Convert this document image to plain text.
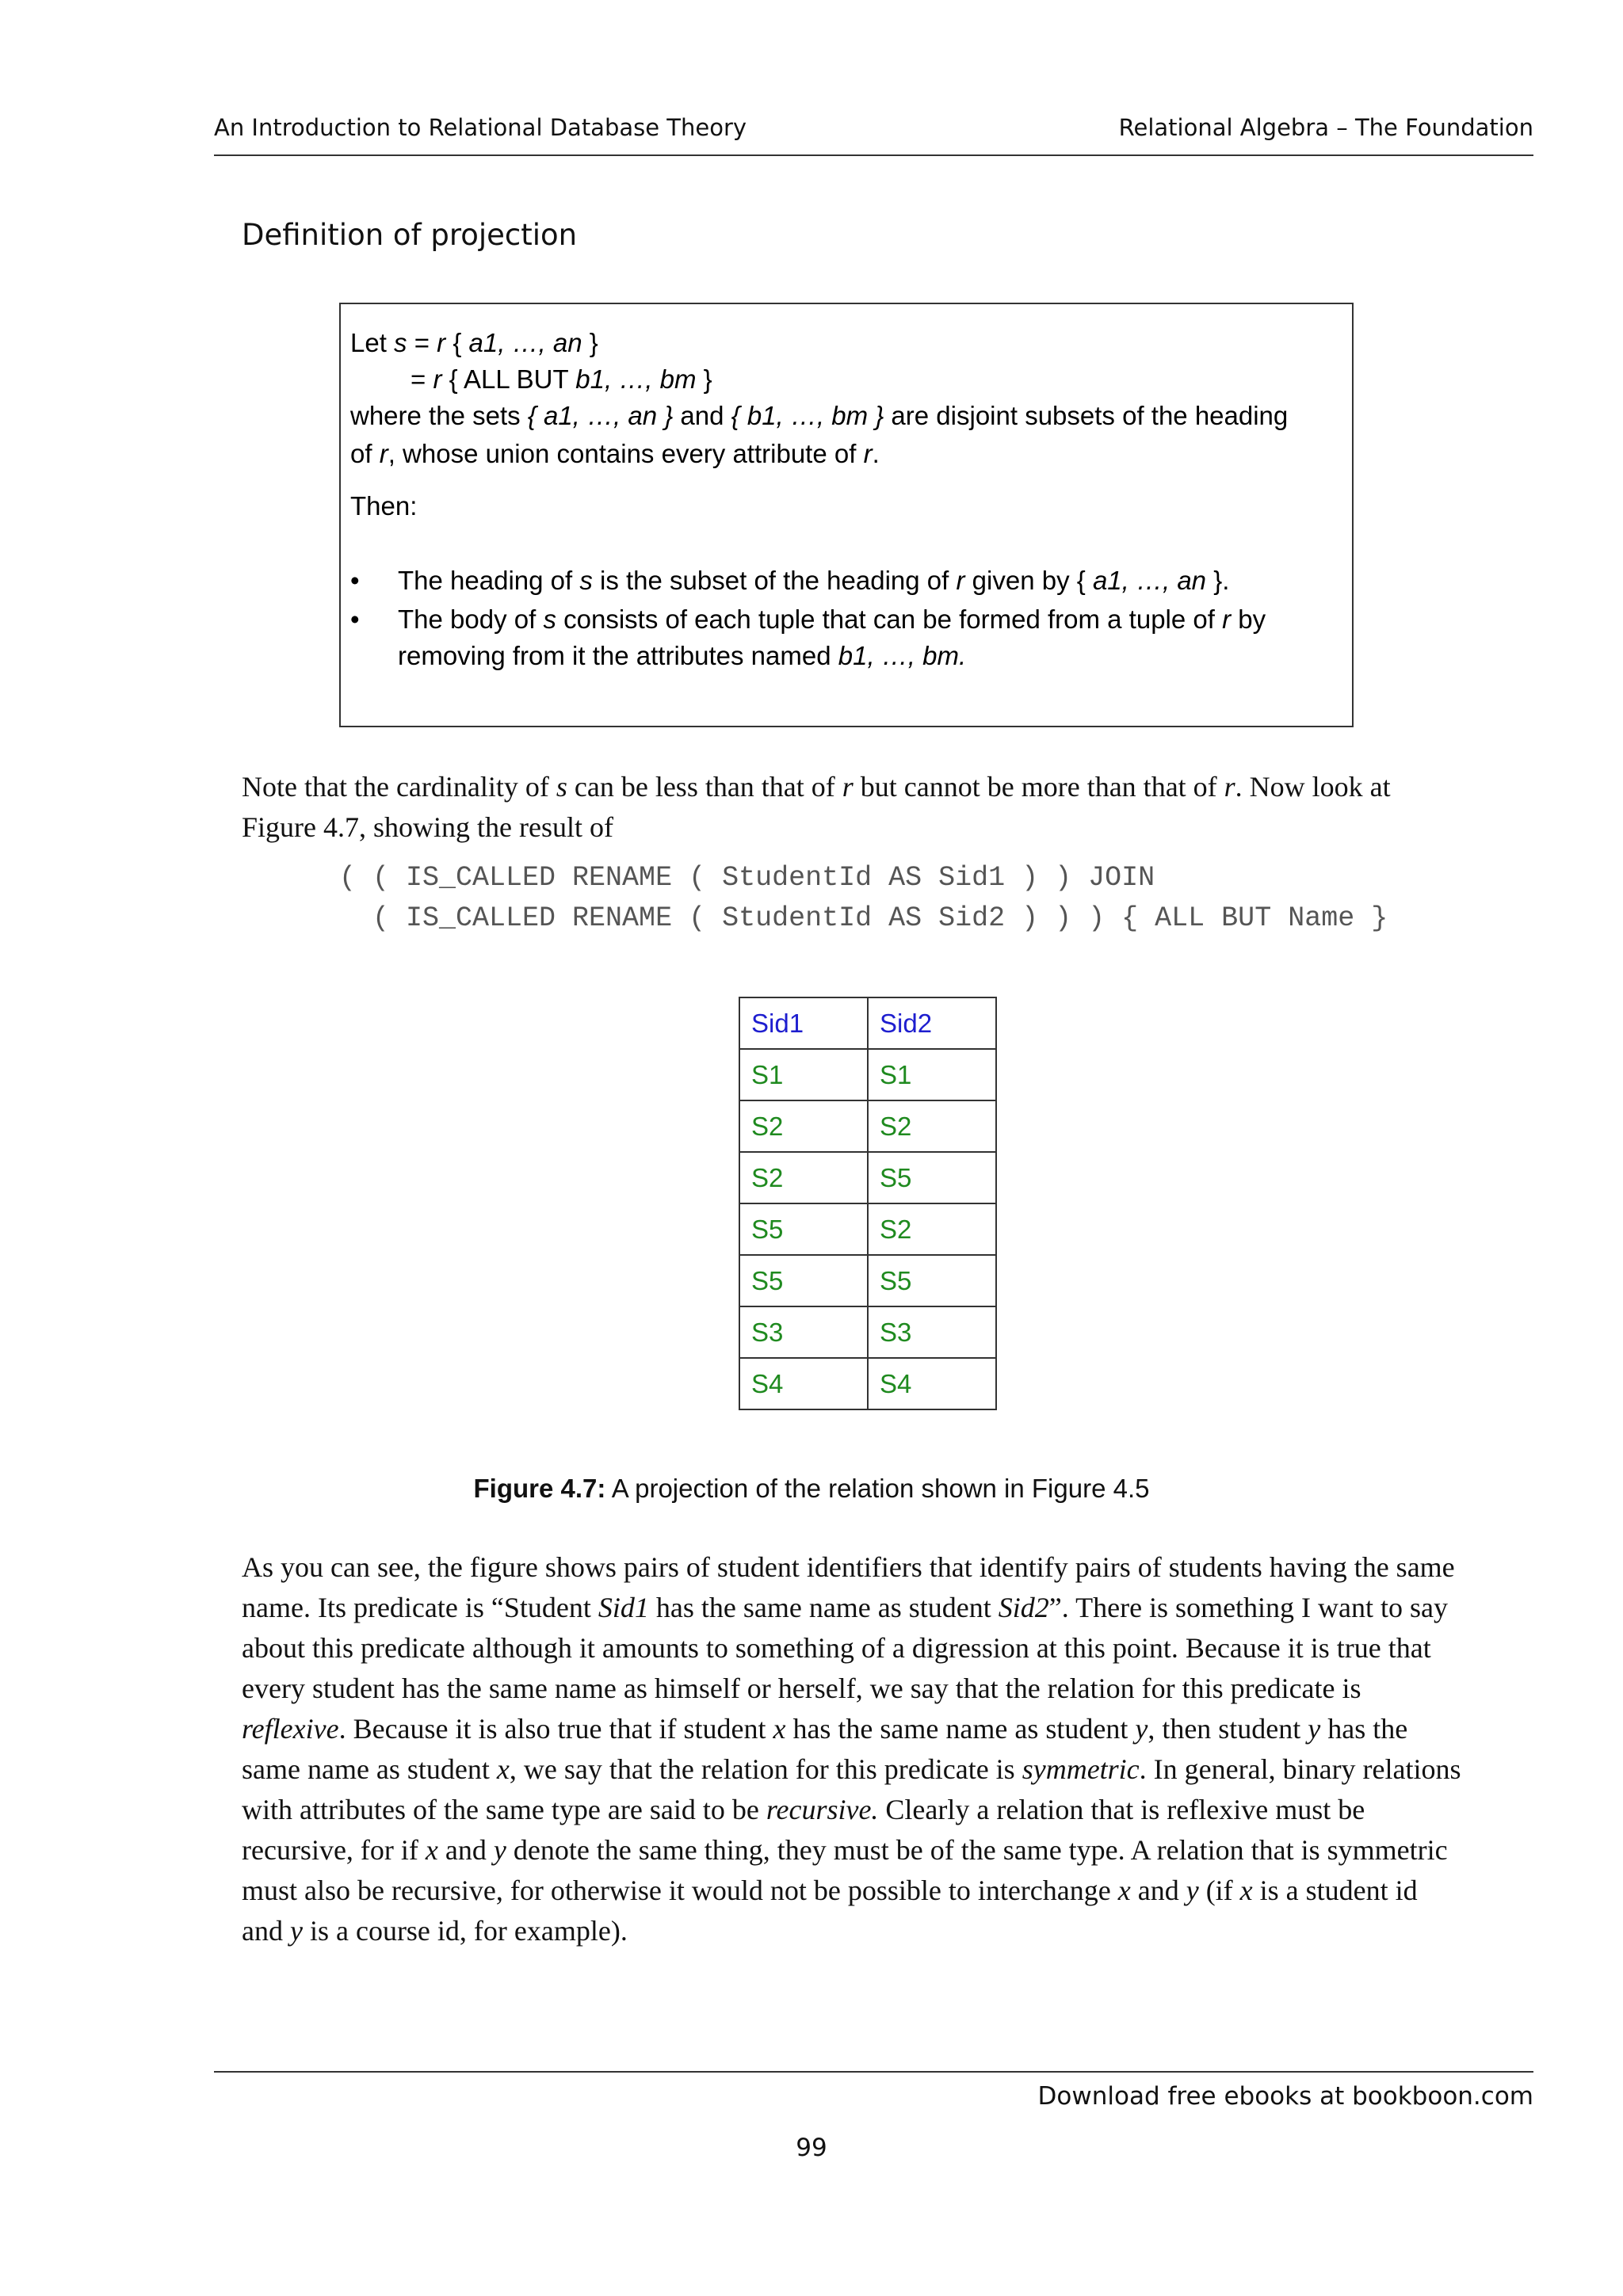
An Introduction to Relational Database Theory	Relational Algebra – The Foundation
Definition of projection
Let s = r { a1, …, an }
= r { ALL BUT b1, …, bm }
where the sets { a1, …, an } and { b1, …, bm } are disjoint subsets of the heading
of r, whose union contains every attribute of r.
Then:
• The heading of s is the subset of the heading of r given by { a1, …, an }.
• The body of s consists of each tuple that can be formed from a tuple of r by
removing from it the attributes named b1, …, bm.
Note that the cardinality of s can be less than that of r but cannot be more than that of r. Now look at
Figure 4.7, showing the result of
( ( IS_CALLED RENAME ( StudentId AS Sid1 ) ) JOIN
( IS_CALLED RENAME ( StudentId AS Sid2 ) ) ) { ALL BUT Name }
Sid1	Sid2
S1	S1
S2	S2
S2	S5
S5	S2
S5	S5
S3	S3
S4	S4
Figure 4.7: A projection of the relation shown in Figure 4.5
As you can see, the figure shows pairs of student identifiers that identify pairs of students having the same
name. Its predicate is “Student Sid1 has the same name as student Sid2”. There is something I want to say
about this predicate although it amounts to something of a digression at this point. Because it is true that
every student has the same name as himself or herself, we say that the relation for this predicate is
reflexive. Because it is also true that if student x has the same name as student y, then student y has the
same name as student x, we say that the relation for this predicate is symmetric. In general, binary relations
with attributes of the same type are said to be recursive. Clearly a relation that is reflexive must be
recursive, for if x and y denote the same thing, they must be of the same type. A relation that is symmetric
must also be recursive, for otherwise it would not be possible to interchange x and y (if x is a student id
and y is a course id, for example).
Download free ebooks at bookboon.com
99
